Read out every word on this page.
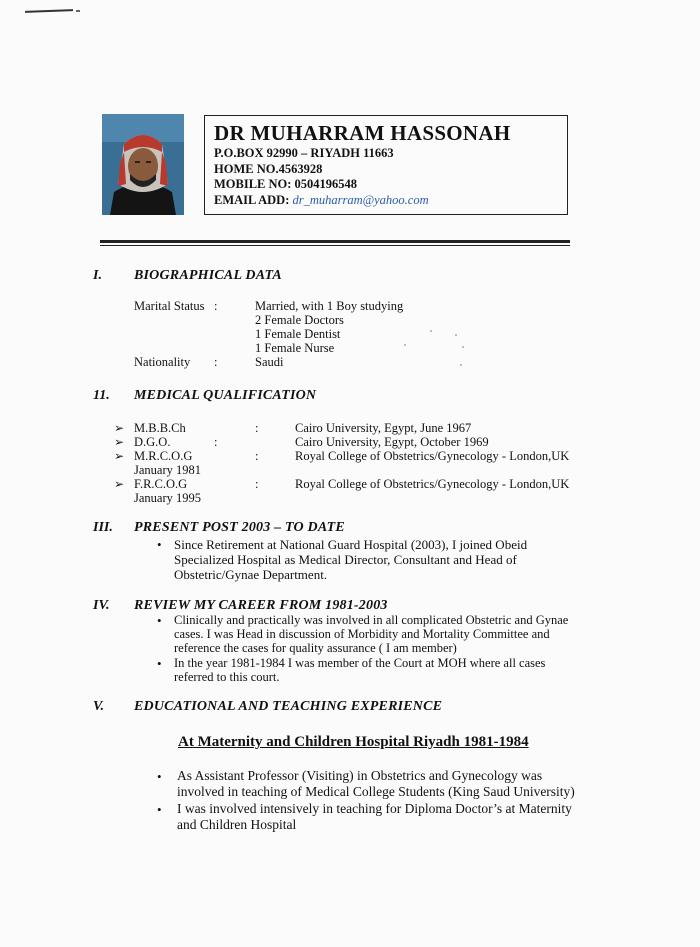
DR MUHARRAM HASSONAH
P.O.BOX 92990 – RIYADH 11663
HOME NO.4563928
MOBILE NO: 0504196548
EMAIL ADD: dr_muharram@yahoo.com
I. BIOGRAPHICAL DATA
Marital Status :	Married, with 1 Boy studying
2 Female Doctors
1 Female Dentist
1 Female Nurse
Nationality :	Saudi
11. MEDICAL QUALIFICATION
➢ M.B.B.Ch	:	Cairo University, Egypt, June 1967
➢ D.G.O.	:	Cairo University, Egypt, October 1969
➢ M.R.C.O.G	:	Royal College of Obstetrics/Gynecology - London,UK
January 1981
➢ F.R.C.O.G	:	Royal College of Obstetrics/Gynecology - London,UK
January 1995
III. PRESENT POST 2003 – TO DATE
• Since Retirement at National Guard Hospital (2003), I joined Obeid
Specialized Hospital as Medical Director, Consultant and Head of
Obstetric/Gynae Department.
IV. REVIEW MY CAREER FROM 1981-2003
• Clinically and practically was involved in all complicated Obstetric and Gynae
cases. I was Head in discussion of Morbidity and Mortality Committee and
reference the cases for quality assurance ( I am member)
• In the year 1981-1984 I was member of the Court at MOH where all cases
referred to this court.
V. EDUCATIONAL AND TEACHING EXPERIENCE
At Maternity and Children Hospital Riyadh 1981-1984
• As Assistant Professor (Visiting) in Obstetrics and Gynecology was
involved in teaching of Medical College Students (King Saud University)
• I was involved intensively in teaching for Diploma Doctor’s at Maternity
and Children Hospital
